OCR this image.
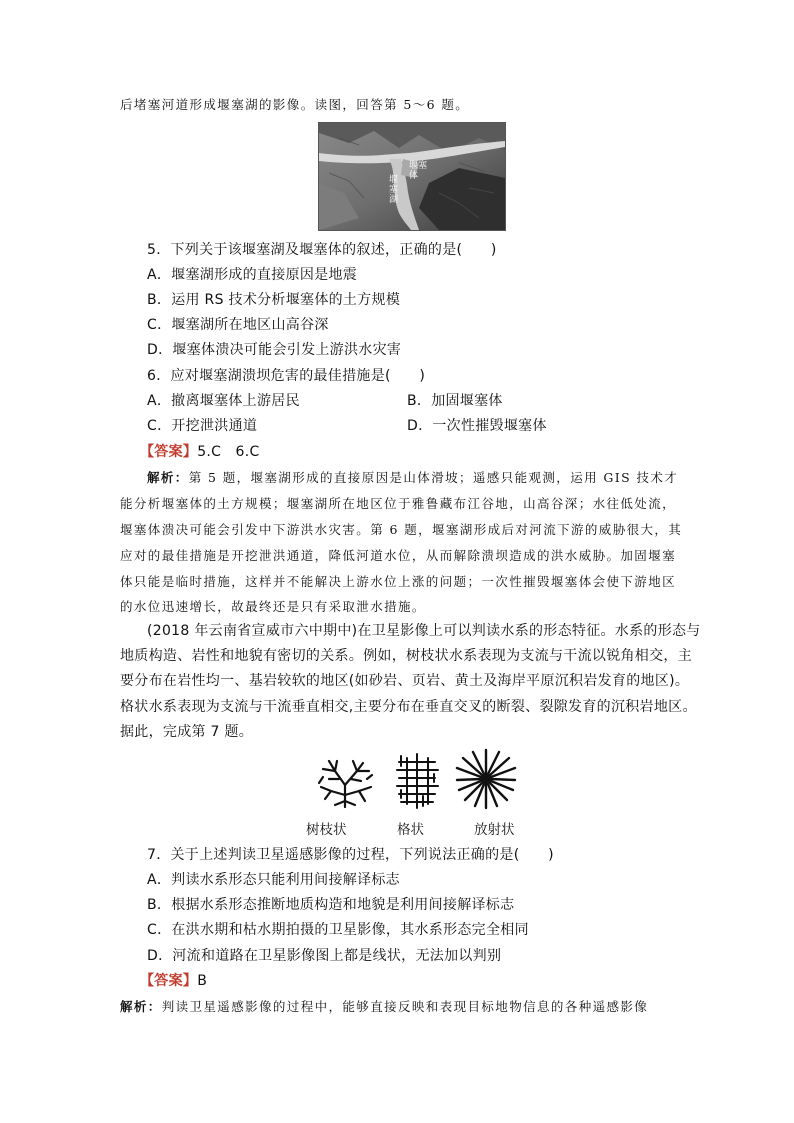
后堵塞河道形成堰塞湖的影像。读图，回答第 5～6 题。
堰塞体
堰塞湖
5．下列关于该堰塞湖及堰塞体的叙述，正确的是(　　)
A．堰塞湖形成的直接原因是地震
B．运用 RS 技术分析堰塞体的土方规模
C．堰塞湖所在地区山高谷深
D．堰塞体溃决可能会引发上游洪水灾害
6．应对堰塞湖溃坝危害的最佳措施是(　　)
A．撤离堰塞体上游居民	B．加固堰塞体
C．开挖泄洪通道	D．一次性摧毁堰塞体
【答案】5.C　6.C
解析：第 5 题，堰塞湖形成的直接原因是山体滑坡；遥感只能观测，运用 GIS 技术才
能分析堰塞体的土方规模；堰塞湖所在地区位于雅鲁藏布江谷地，山高谷深；水往低处流，
堰塞体溃决可能会引发中下游洪水灾害。第 6 题，堰塞湖形成后对河流下游的威胁很大，其
应对的最佳措施是开挖泄洪通道，降低河道水位，从而解除溃坝造成的洪水威胁。加固堰塞
体只能是临时措施，这样并不能解决上游水位上涨的问题；一次性摧毁堰塞体会使下游地区
的水位迅速增长，故最终还是只有采取泄水措施。
(2018 年云南省宣威市六中期中)在卫星影像上可以判读水系的形态特征。水系的形态与
地质构造、岩性和地貌有密切的关系。例如，树枝状水系表现为支流与干流以锐角相交，主
要分布在岩性均一、基岩较软的地区(如砂岩、页岩、黄土及海岸平原沉积岩发育的地区)。
格状水系表现为支流与干流垂直相交,主要分布在垂直交叉的断裂、裂隙发育的沉积岩地区。
据此，完成第 7 题。
树枝状	格状	放射状
7．关于上述判读卫星遥感影像的过程，下列说法正确的是(　　)
A．判读水系形态只能利用间接解译标志
B．根据水系形态推断地质构造和地貌是利用间接解译标志
C．在洪水期和枯水期拍摄的卫星影像，其水系形态完全相同
D．河流和道路在卫星影像图上都是线状，无法加以判别
【答案】B
解析：判读卫星遥感影像的过程中，能够直接反映和表现目标地物信息的各种遥感影像
